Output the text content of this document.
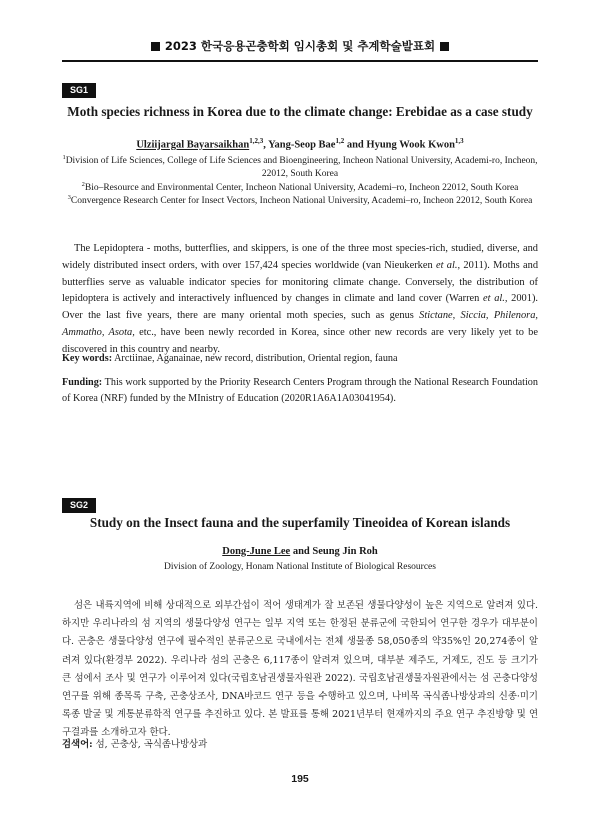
2023 한국응용곤충학회 임시총회 및 추계학술발표회
SG1
Moth species richness in Korea due to the climate change: Erebidae as a case study
Ulziijargal Bayarsaikhan$^{1,2,3}$, Yang-Seop Bae$^{1,2}$ and Hyung Wook Kwon$^{1,3}$
$^1$Division of Life Sciences, College of Life Sciences and Bioengineering, Incheon National University, Academi-ro, Incheon, 22012, South Korea
$^2$Bio–Resource and Environmental Center, Incheon National University, Academi–ro, Incheon 22012, South Korea
$^3$Convergence Research Center for Insect Vectors, Incheon National University, Academi–ro, Incheon 22012, South Korea
The Lepidoptera - moths, butterflies, and skippers, is one of the three most species-rich, studied, diverse, and widely distributed insect orders, with over 157,424 species worldwide (van Nieukerken et al., 2011). Moths and butterflies serve as valuable indicator species for monitoring climate change. Conversely, the distribution of lepidoptera is actively and interactively influenced by changes in climate and land cover (Warren et al., 2001). Over the last five years, there are many oriental moth species, such as genus Stictane, Siccia, Philenora, Ammatho, Asota, etc., have been newly recorded in Korea, since other new records are very likely yet to be discovered in this country and nearby.
Key words: Arctiinae, Aganainae, new record, distribution, Oriental region, fauna
Funding: This work supported by the Priority Research Centers Program through the National Research Foundation of Korea (NRF) funded by the MInistry of Education (2020R1A6A1A03041954).
SG2
Study on the Insect fauna and the superfamily Tineoidea of Korean islands
Dong-June Lee and Seung Jin Roh
Division of Zoology, Honam National Institute of Biological Resources
섬은 내륙지역에 비해 상대적으로 외부간섭이 적어 생태계가 잘 보존된 생물다양성이 높은 지역으로 알려져 있다. 하지만 우리나라의 섬 지역의 생물다양성 연구는 일부 지역 또는 한정된 분류군에 국한되어 연구한 경우가 대부분이다. 곤충은 생물다양성 연구에 필수적인 분류군으로 국내에서는 전체 생물종 58,050종의 약35%인 20,274종이 알려져 있다(환경부 2022). 우리나라 섬의 곤충은 6,117종이 알려져 있으며, 대부분 제주도, 거제도, 진도 등 크기가 큰 섬에서 조사 및 연구가 이루어져 있다(국립호남권생물자원관 2022). 국립호남권생물자원관에서는 섬 곤충다양성 연구를 위해 종목록 구축, 곤충상조사, DNA바코드 연구 등을 수행하고 있으며, 나비목 곡식좀나방상과의 신종·미기록종 발굴 및 계통분류학적 연구를 추진하고 있다. 본 발표를 통해 2021년부터 현재까지의 주요 연구 추진방향 및 연구결과를 소개하고자 한다.
검색어: 섬, 곤충상, 곡식좀나방상과
195
